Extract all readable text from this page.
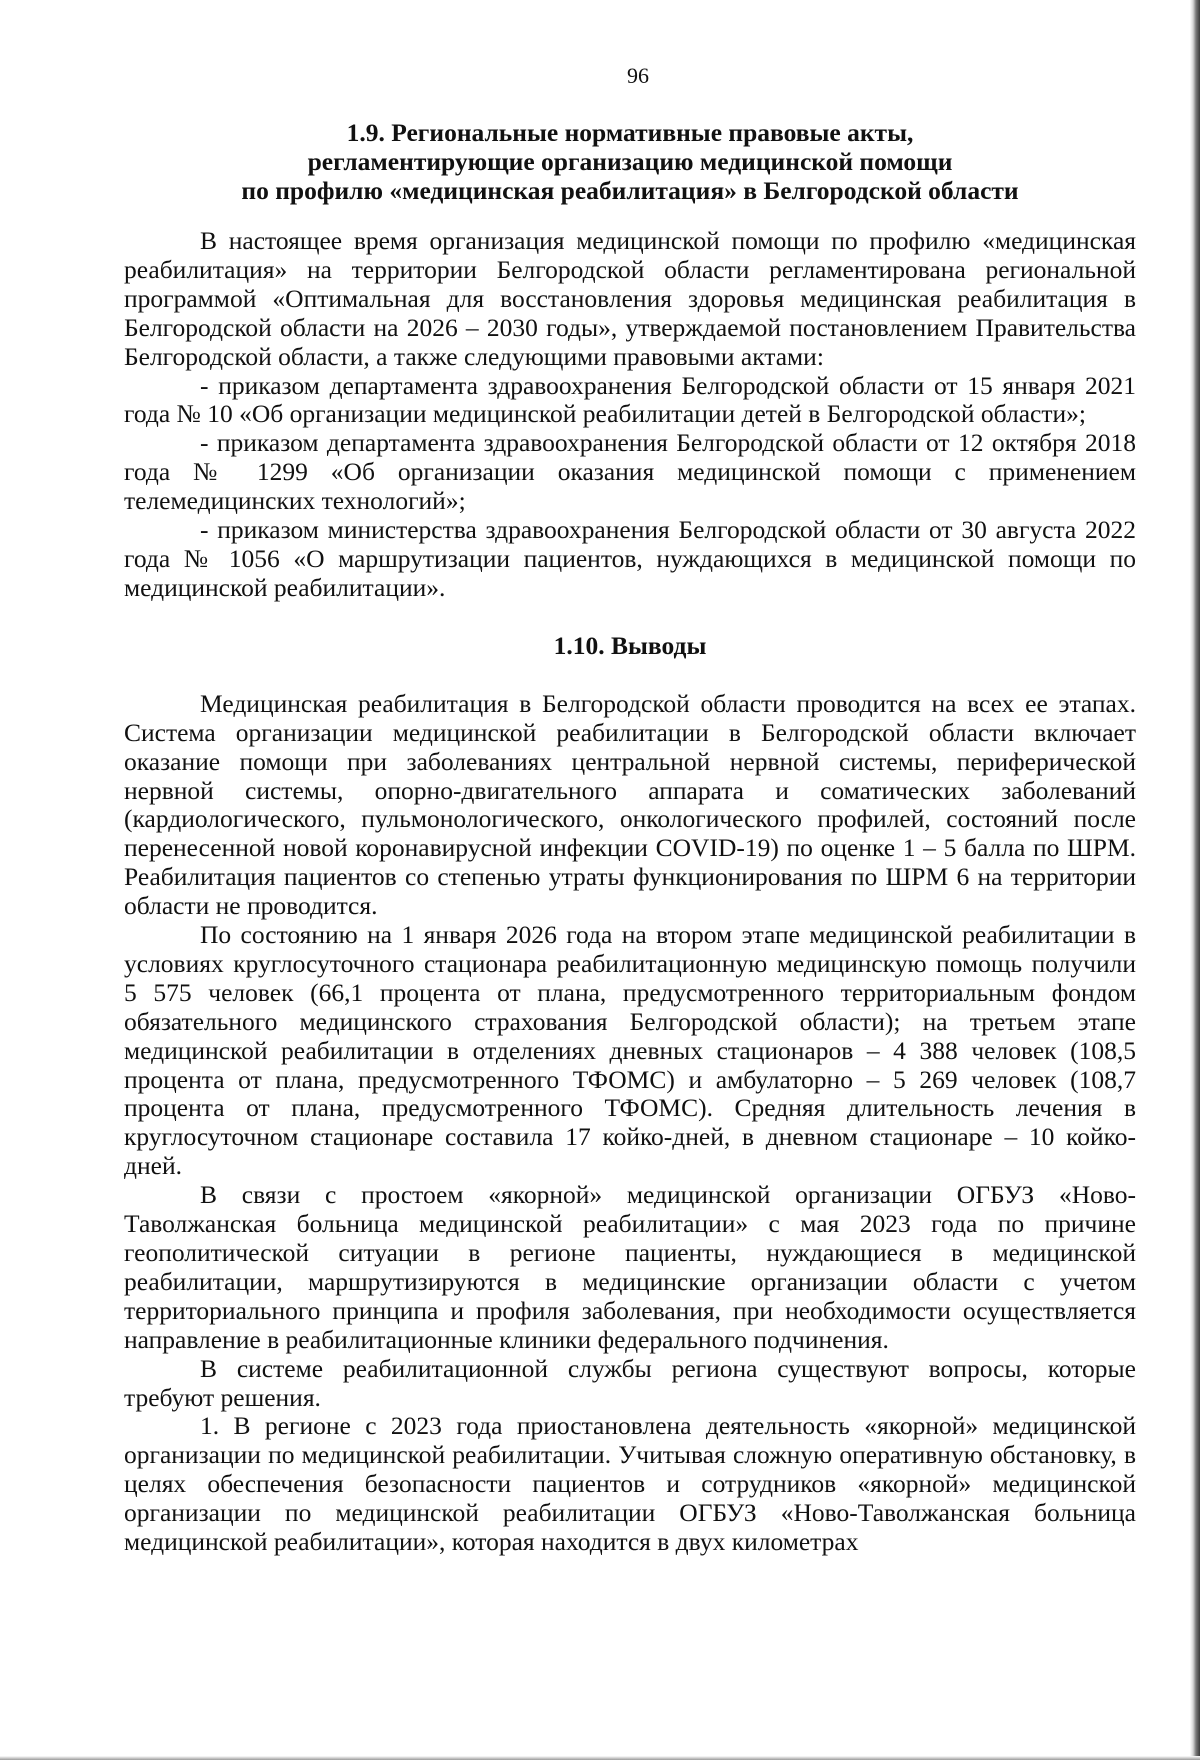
96
1.9. Региональные нормативные правовые акты,
регламентирующие организацию медицинской помощи
по профилю «медицинская реабилитация» в Белгородской области

В настоящее время организация медицинской помощи по профилю «медицинская реабилитация» на территории Белгородской области регламентирована региональной программой «Оптимальная для восстановления здоровья медицинская реабилитация в Белгородской области на 2026 – 2030 годы», утверждаемой постановлением Правительства Белгородской области, а также следующими правовыми актами:

- приказом департамента здравоохранения Белгородской области от 15 января 2021 года № 10 «Об организации медицинской реабилитации детей в Белгородской области»;

- приказом департамента здравоохранения Белгородской области от 12 октября 2018 года № 1299 «Об организации оказания медицинской помощи с применением телемедицинских технологий»;

- приказом министерства здравоохранения Белгородской области от 30 августа 2022 года № 1056 «О маршрутизации пациентов, нуждающихся в медицинской помощи по медицинской реабилитации».

1.10. Выводы

Медицинская реабилитация в Белгородской области проводится на всех ее этапах. Система организации медицинской реабилитации в Белгородской области включает оказание помощи при заболеваниях центральной нервной системы, периферической нервной системы, опорно-двигательного аппарата и соматических заболеваний (кардиологического, пульмонологического, онкологического профилей, состояний после перенесенной новой коронавирусной инфекции COVID-19) по оценке 1 – 5 балла по ШРМ. Реабилитация пациентов со степенью утраты функционирования по ШРМ 6 на территории области не проводится.

По состоянию на 1 января 2026 года на втором этапе медицинской реабилитации в условиях круглосуточного стационара реабилитационную медицинскую помощь получили 5 575 человек (66,1 процента от плана, предусмотренного территориальным фондом обязательного медицинского страхования Белгородской области); на третьем этапе медицинской реабилитации в отделениях дневных стационаров – 4 388 человек (108,5 процента от плана, предусмотренного ТФОМС) и амбулаторно – 5 269 человек (108,7 процента от плана, предусмотренного ТФОМС). Средняя длительность лечения в круглосуточном стационаре составила 17 койко-дней, в дневном стационаре – 10 койко-дней.

В связи с простоем «якорной» медицинской организации ОГБУЗ «Ново-Таволжанская больница медицинской реабилитации» с мая 2023 года по причине геополитической ситуации в регионе пациенты, нуждающиеся в медицинской реабилитации, маршрутизируются в медицинские организации области с учетом территориального принципа и профиля заболевания, при необходимости осуществляется направление в реабилитационные клиники федерального подчинения.

В системе реабилитационной службы региона существуют вопросы, которые требуют решения.

1. В регионе с 2023 года приостановлена деятельность «якорной» медицинской организации по медицинской реабилитации. Учитывая сложную оперативную обстановку, в целях обеспечения безопасности пациентов и сотрудников «якорной» медицинской организации по медицинской реабилитации ОГБУЗ «Ново-Таволжанская больница медицинской реабилитации», которая находится в двух километрах
